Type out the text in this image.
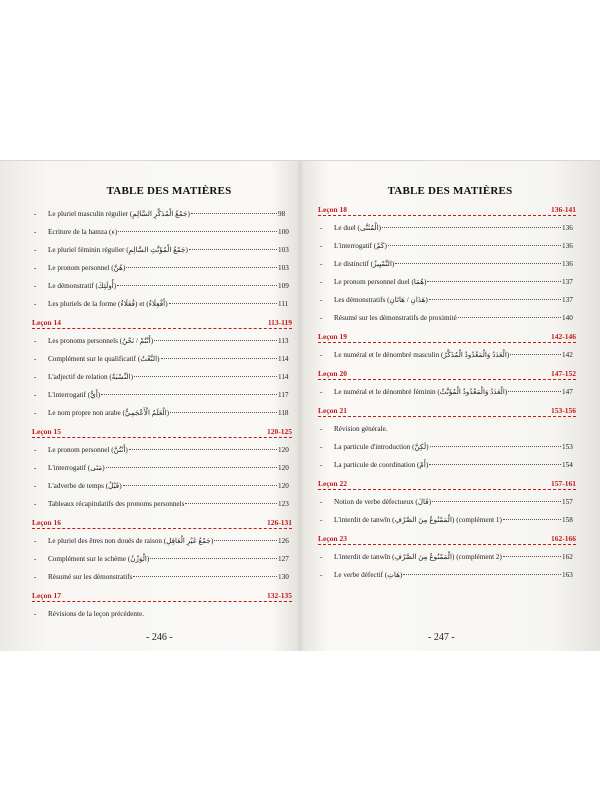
TABLE DES MATIÈRES
-	Le pluriel masculin régulier (جَمْعُ الْمُذَكَّرِ السَّالِمِ)	98
-	Ecriture de la hamza (ء)	100
-	Le pluriel féminin régulier (جَمْعُ الْمُؤَنَّثِ السَّالِمِ)	103
-	Le pronom personnel (هُنَّ)	103
-	Le démonstratif (أُولَئِكَ)	109
-	Les pluriels de la forme (فُعَلَاءُ) et (أَفْعِلَاءُ)	111
Leçon 14	113-119
-	Les pronoms personnels (أَنْتُمْ / نَحْنُ)	113
-	Complément sur le qualificatif (النَّعْتُ)	114
-	L'adjectif de relation (النِّسْبَةُ)	114
-	L'interrogatif (أَيُّ)	117
-	Le nom propre non arabe (الْعَلَمُ الْأَعْجَمِيُّ)	118
Leçon 15	120-125
-	Le pronom personnel (أَنْتُنَّ)	120
-	L'interrogatif (مَتَى)	120
-	L'adverbe de temps (قَبْلُ)	120
-	Tableaux récapitulatifs des pronoms personnels	123
Leçon 16	126-131
-	Le pluriel des êtres non doués de raison (جَمْعُ غَيْرِ الْعَاقِلِ)	126
-	Complément sur le schème (الْوَزْنُ)	127
-	Résumé sur les démonstratifs	130
Leçon 17	132-135
-	Révisions de la leçon précédente.
TABLE DES MATIÈRES
Leçon 18	136-141
-	Le duel (الْمُثَنَّى)	136
-	L'interrogatif (كَمْ)	136
-	Le distinctif (التَّمْيِيزُ)	136
-	Le pronom personnel duel (هُمَا)	137
-	Les démonstratifs (هَذَانِ / هَاتَانِ)	137
-	Résumé sur les démonstratifs de proximité	140
Leçon 19	142-146
-	Le numéral et le dénombré masculin (الْعَدَدُ وَالْمَعْدُودُ الْمُذَكَّرُ)	142
Leçon 20	147-152
-	Le numéral et le dénombré féminin (الْعَدَدُ وَالْمَعْدُودُ الْمُؤَنَّثُ)	147
Leçon 21	153-156
-	Révision générale.
-	La particule d'introduction (لَكِنَّ)	153
-	La particule de coordination (أَمْ)	154
Leçon 22	157-161
-	Notion de verbe défectueux (قَالَ)	157
-	L'interdit de tanwîn (الْمَمْنُوعُ مِنَ الصَّرْفِ) (complément 1)	158
Leçon 23	162-166
-	L'interdit de tanwîn (الْمَمْنُوعُ مِنَ الصَّرْفِ) (complément 2)	162
-	Le verbe défectif (هَاتِ)	163
- 246 -	- 247 -
